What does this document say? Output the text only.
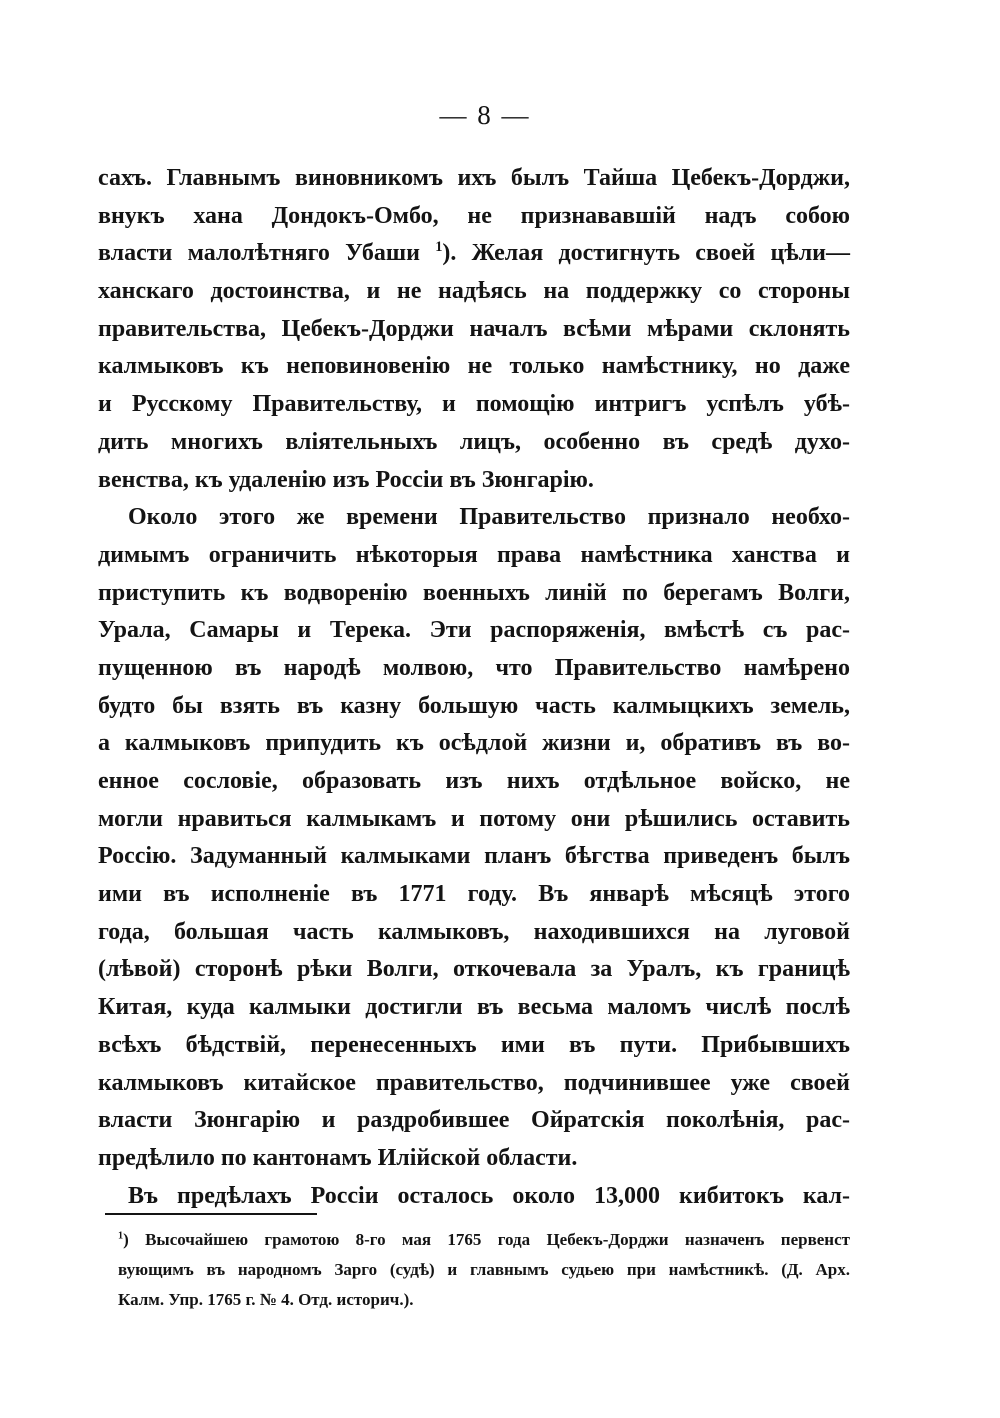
— 8 —
сахъ. Главнымъ виновникомъ ихъ былъ Тайша Цебекъ-Дорджи,
внукъ хана Дондокъ-Омбо, не признававшій надъ собою
власти малолѣтняго Убаши $^1$). Желая достигнуть своей цѣли—
ханскаго достоинства, и не надѣясь на поддержку со стороны
правительства, Цебекъ-Дорджи началъ всѣми мѣрами склонять
калмыковъ къ неповиновенію не только намѣстнику, но даже
и Русскому Правительству, и помощію интригъ успѣлъ убѣ-
дить многихъ вліятельныхъ лицъ, особенно въ средѣ духо-
венства, къ удаленію изъ Россіи въ Зюнгарію.
Около этого же времени Правительство признало необхо-
димымъ ограничить нѣкоторыя права намѣстника ханства и
приступить къ водворенію военныхъ линій по берегамъ Волги,
Урала, Самары и Терека. Эти распоряженія, вмѣстѣ съ рас-
пущенною въ народѣ молвою, что Правительство намѣрено
будто бы взять въ казну большую часть калмыцкихъ земель,
а калмыковъ припудить къ осѣдлой жизни и, обративъ въ во-
енное сословіе, образовать изъ нихъ отдѣльное войско, не
могли нравиться калмыкамъ и потому они рѣшились оставить
Россію. Задуманный калмыками планъ бѣгства приведенъ былъ
ими въ исполненіе въ 1771 году. Въ январѣ мѣсяцѣ этого
года, большая часть калмыковъ, находившихся на луговой
(лѣвой) сторонѣ рѣки Волги, откочевала за Уралъ, къ границѣ
Китая, куда калмыки достигли въ весьма маломъ числѣ послѣ
всѣхъ бѣдствій, перенесенныхъ ими въ пути. Прибывшихъ
калмыковъ китайское правительство, подчинившее уже своей
власти Зюнгарію и раздробившее Ойратскія поколѣнія, рас-
предѣлило по кантонамъ Илійской области.
Въ предѣлахъ Россіи осталось около 13,000 кибитокъ кал-
$^1$) Высочайшею грамотою 8-го мая 1765 года Цебекъ-Дорджи назначенъ первенст
вующимъ въ народномъ Зарго (судѣ) и главнымъ судьею при намѣстникѣ. (Д. Арх.
Калм. Упр. 1765 г. № 4. Отд. историч.).
